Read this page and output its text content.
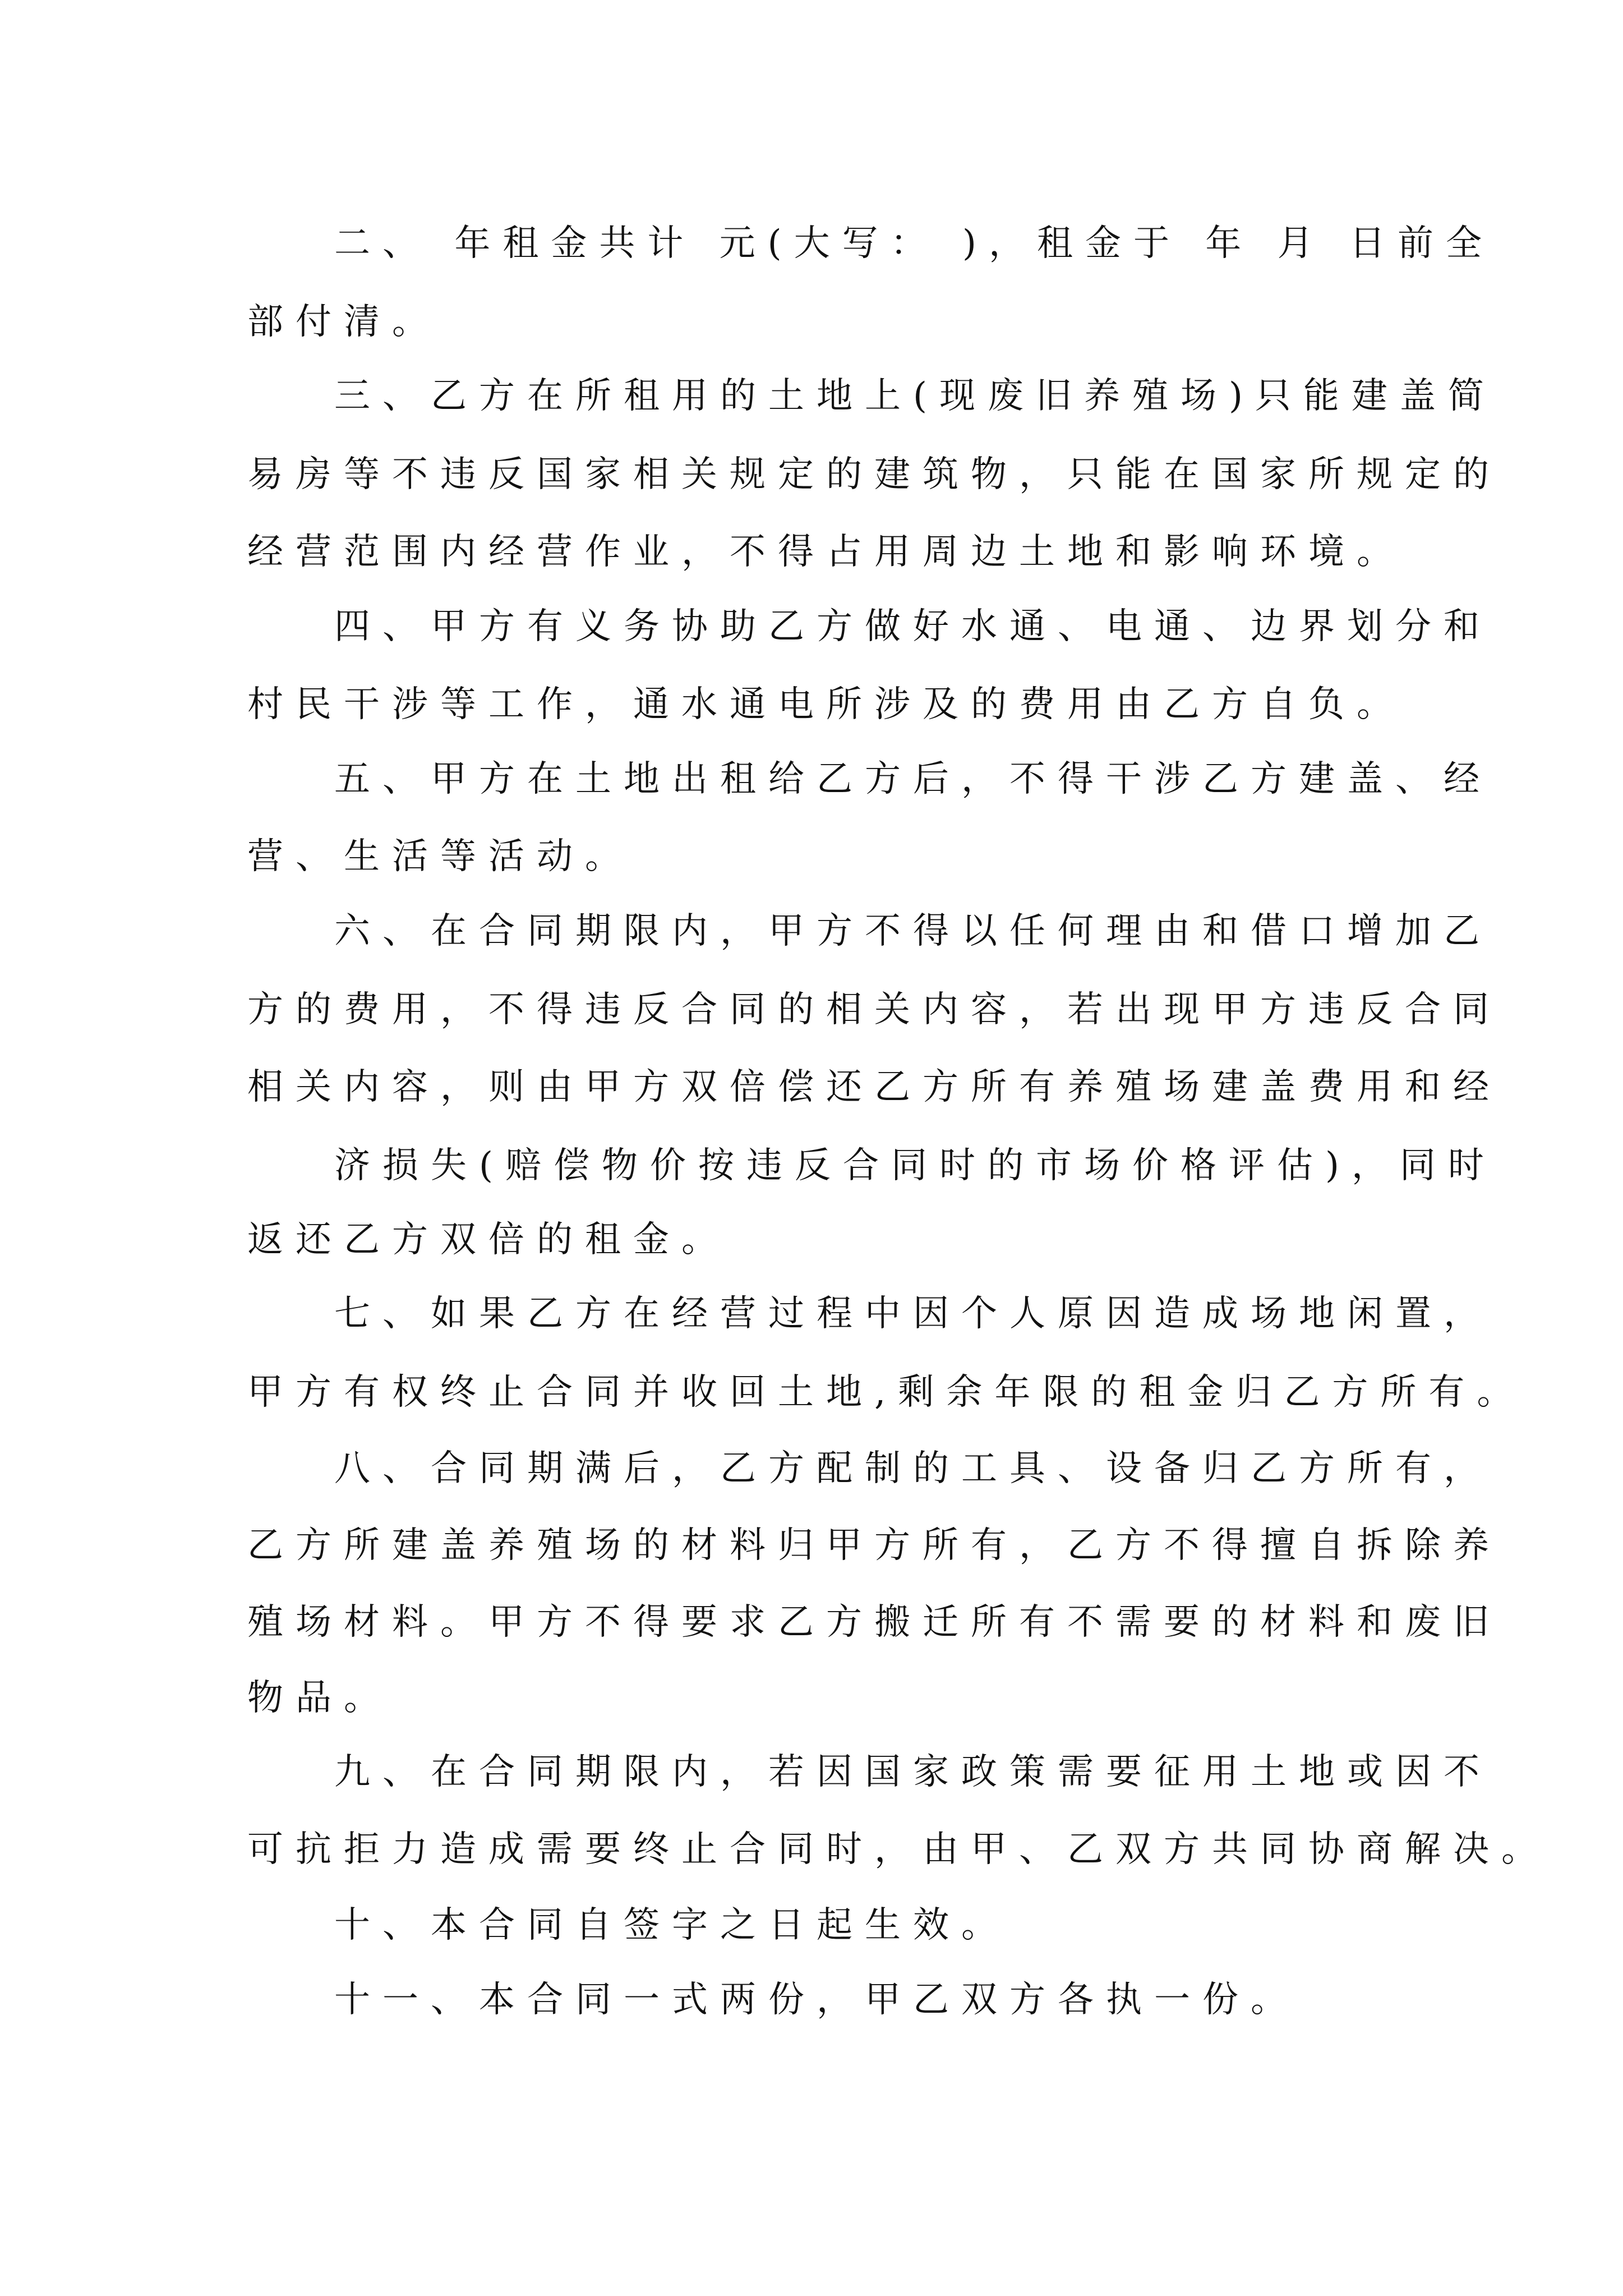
二、 年租金共计 元(大写： )，租金于 年 月 日前全

部付清。

三、乙方在所租用的土地上(现废旧养殖场)只能建盖简

易房等不违反国家相关规定的建筑物，只能在国家所规定的

经营范围内经营作业，不得占用周边土地和影响环境。

四、甲方有义务协助乙方做好水通、电通、边界划分和

村民干涉等工作，通水通电所涉及的费用由乙方自负。

五、甲方在土地出租给乙方后，不得干涉乙方建盖、经

营、生活等活动。

六、在合同期限内，甲方不得以任何理由和借口增加乙

方的费用，不得违反合同的相关内容，若出现甲方违反合同

相关内容，则由甲方双倍偿还乙方所有养殖场建盖费用和经

济损失(赔偿物价按违反合同时的市场价格评估)，同时

返还乙方双倍的租金。

七、如果乙方在经营过程中因个人原因造成场地闲置，

甲方有权终止合同并收回土地,剩余年限的租金归乙方所有。

八、合同期满后，乙方配制的工具、设备归乙方所有，

乙方所建盖养殖场的材料归甲方所有，乙方不得擅自拆除养

殖场材料。甲方不得要求乙方搬迁所有不需要的材料和废旧

物品。

九、在合同期限内，若因国家政策需要征用土地或因不

可抗拒力造成需要终止合同时，由甲、乙双方共同协商解决。

十、本合同自签字之日起生效。

十一、本合同一式两份，甲乙双方各执一份。
